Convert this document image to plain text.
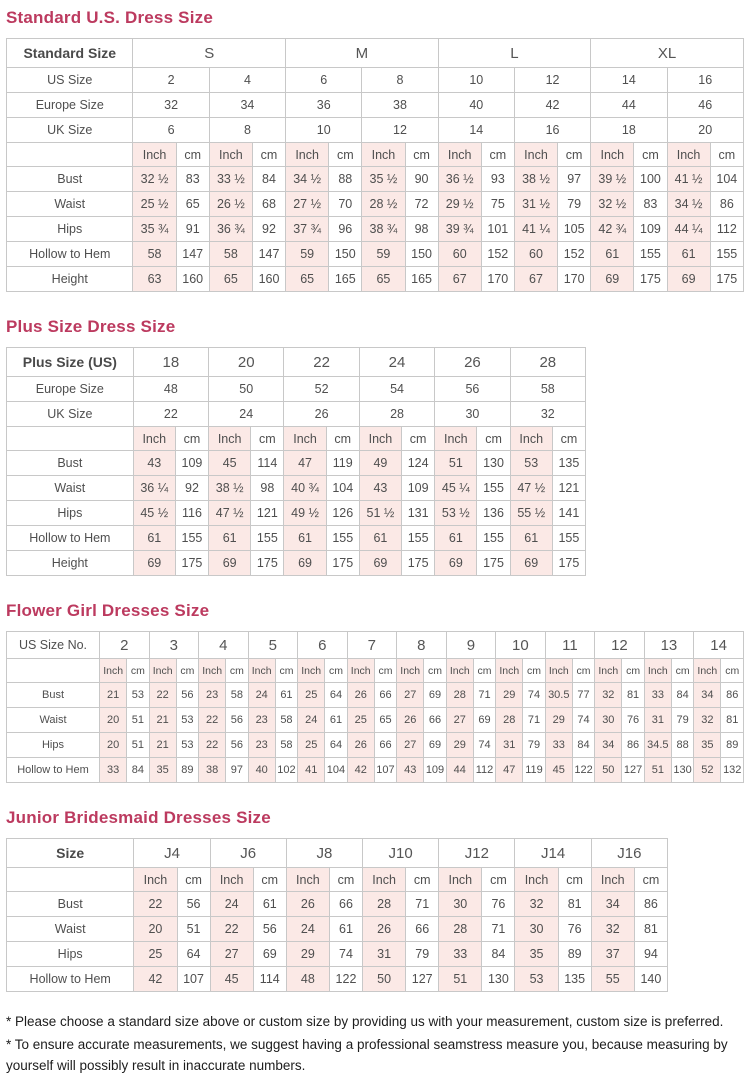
Standard U.S. Dress Size
Standard Size	S				M				L				XL			
US Size	2		4		6		8		10		12		14		16	
Europe Size	32		34		36		38		40		42		44		46	
UK Size	6		8		10		12		14		16		18		20	
	Inch	cm	Inch	cm	Inch	cm	Inch	cm	Inch	cm	Inch	cm	Inch	cm	Inch	cm
Bust	32 ½	83	33 ½	84	34 ½	88	35 ½	90	36 ½	93	38 ½	97	39 ½	100	41 ½	104
Waist	25 ½	65	26 ½	68	27 ½	70	28 ½	72	29 ½	75	31 ½	79	32 ½	83	34 ½	86
Hips	35 ¾	91	36 ¾	92	37 ¾	96	38 ¾	98	39 ¾	101	41 ¼	105	42 ¾	109	44 ¼	112
Hollow to Hem	58	147	58	147	59	150	59	150	60	152	60	152	61	155	61	155
Height	63	160	65	160	65	165	65	165	67	170	67	170	69	175	69	175
Plus Size Dress Size
Plus Size (US)	18		20		22		24		26		28	
Europe Size	48		50		52		54		56		58	
UK Size	22		24		26		28		30		32	
	Inch	cm	Inch	cm	Inch	cm	Inch	cm	Inch	cm	Inch	cm
Bust	43	109	45	114	47	119	49	124	51	130	53	135
Waist	36 ¼	92	38 ½	98	40 ¾	104	43	109	45 ¼	155	47 ½	121
Hips	45 ½	116	47 ½	121	49 ½	126	51 ½	131	53 ½	136	55 ½	141
Hollow to Hem	61	155	61	155	61	155	61	155	61	155	61	155
Height	69	175	69	175	69	175	69	175	69	175	69	175
Flower Girl Dresses Size
US Size No.	2		3		4		5		6		7		8		9		10		11		12		13		14	
	Inch	cm	Inch	cm	Inch	cm	Inch	cm	Inch	cm	Inch	cm	Inch	cm	Inch	cm	Inch	cm	Inch	cm	Inch	cm	Inch	cm	Inch	cm
Bust	21	53	22	56	23	58	24	61	25	64	26	66	27	69	28	71	29	74	30.5	77	32	81	33	84	34	86
Waist	20	51	21	53	22	56	23	58	24	61	25	65	26	66	27	69	28	71	29	74	30	76	31	79	32	81
Hips	20	51	21	53	22	56	23	58	25	64	26	66	27	69	29	74	31	79	33	84	34	86	34.5	88	35	89
Hollow to Hem	33	84	35	89	38	97	40	102	41	104	42	107	43	109	44	112	47	119	45	122	50	127	51	130	52	132
Junior Bridesmaid Dresses Size
Size	J4		J6		J8		J10		J12		J14		J16	
	Inch	cm	Inch	cm	Inch	cm	Inch	cm	Inch	cm	Inch	cm	Inch	cm
Bust	22	56	24	61	26	66	28	71	30	76	32	81	34	86
Waist	20	51	22	56	24	61	26	66	28	71	30	76	32	81
Hips	25	64	27	69	29	74	31	79	33	84	35	89	37	94
Hollow to Hem	42	107	45	114	48	122	50	127	51	130	53	135	55	140

* Please choose a standard size above or custom size by providing us with your measurement, custom size is preferred.

* To ensure accurate measurements, we suggest having a professional seamstress measure you, because measuring by yourself will possibly result in inaccurate numbers.
